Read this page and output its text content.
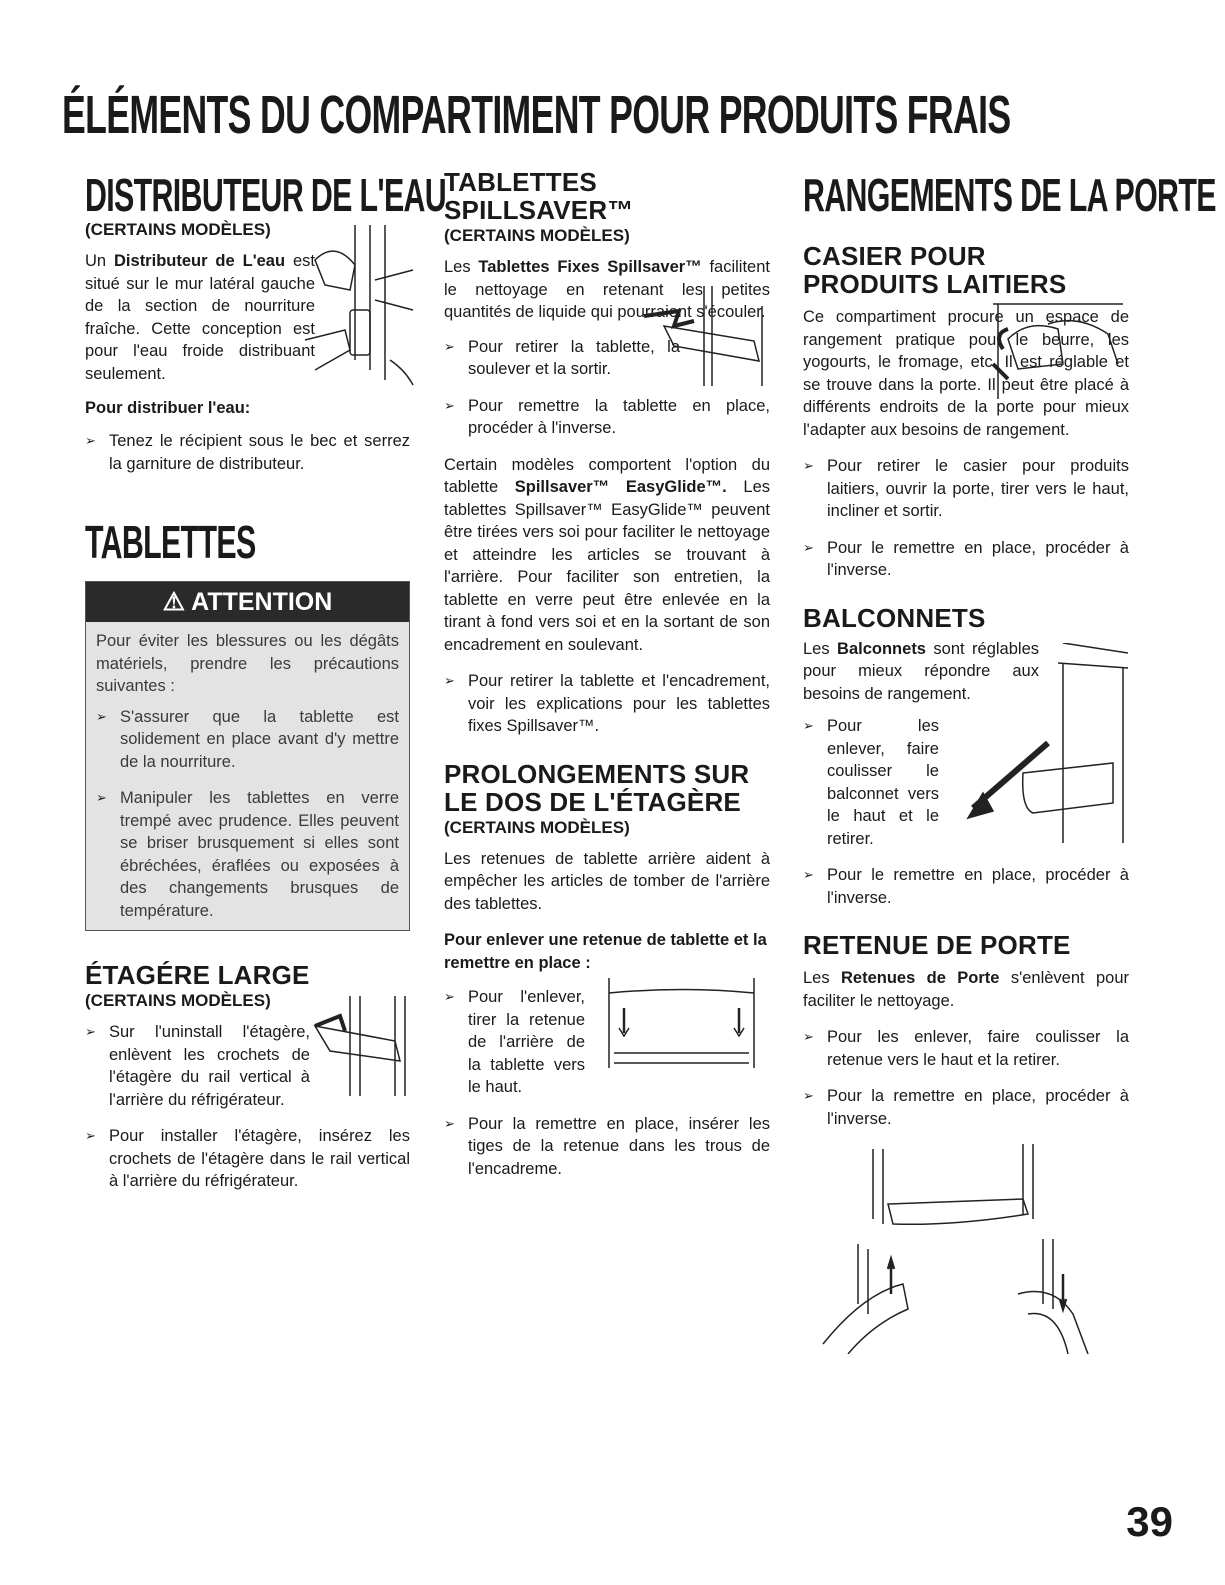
ÉLÉMENTS DU COMPARTIMENT POUR PRODUITS FRAIS
DISTRIBUTEUR DE L'EAU
(CERTAINS MODÈLES)

Un Distributeur de L'eau est situé sur le mur latéral gauche de la section de nourriture fraîche. Cette conception est pour l'eau froide distribuant seulement.

Pour distribuer l'eau:
➢ Tenez le récipient sous le bec et serrez la garniture de distributeur.
TABLETTES
⚠ ATTENTION

Pour éviter les blessures ou les dégâts matériels, prendre les précautions suivantes :

➢ S'assurer que la tablette est solidement en place avant d'y mettre de la nourriture.
➢ Manipuler les tablettes en verre trempé avec prudence. Elles peuvent se briser brusquement si elles sont ébréchées, éraflées ou exposées à des changements brusques de température.
ÉTAGÉRE LARGE
(CERTAINS MODÈLES)
➢ Sur l'uninstall l'étagère, enlèvent les crochets de l'étagère du rail vertical à l'arrière du réfrigérateur.
➢ Pour installer l'étagère, insérez les crochets de l'étagère dans le rail vertical à l'arrière du réfrigérateur.
TABLETTES SPILLSAVER™
(CERTAINS MODÈLES)

Les Tablettes Fixes Spillsaver™ facilitent le nettoyage en retenant les petites quantités de liquide qui pourraient s'écouler.

➢ Pour retirer la tablette, la soulever et la sortir.
➢ Pour remettre la tablette en place, procéder à l'inverse.

Certain modèles comportent l'option du tablette Spillsaver™ EasyGlide™. Les tablettes Spillsaver™ EasyGlide™ peuvent être tirées vers soi pour faciliter le nettoyage et atteindre les articles se trouvant à l'arrière. Pour faciliter son entretien, la tablette en verre peut être enlevée en la tirant à fond vers soi et en la sortant de son encadrement en soulevant.

➢ Pour retirer la tablette et l'encadrement, voir les explications pour les tablettes fixes Spillsaver™.
PROLONGEMENTS SUR LE DOS DE L'ÉTAGÈRE
(CERTAINS MODÈLES)

Les retenues de tablette arrière aident à empêcher les articles de tomber de l'arrière des tablettes.

Pour enlever une retenue de tablette et la remettre en place :
➢ Pour l'enlever, tirer la retenue de l'arrière de la tablette vers le haut.
➢ Pour la remettre en place, insérer les tiges de la retenue dans les trous de l'encadreme.
RANGEMENTS DE LA PORTE
CASIER POUR PRODUITS LAITIERS

Ce compartiment procure un espace de rangement pratique pour le beurre, les yogourts, le fromage, etc. Il est réglable et se trouve dans la porte. Il peut être placé à différents endroits de la porte pour mieux l'adapter aux besoins de rangement.

➢ Pour retirer le casier pour produits laitiers, ouvrir la porte, tirer vers le haut, incliner et sortir.
➢ Pour le remettre en place, procéder à l'inverse.
BALCONNETS

Les Balconnets sont réglables pour mieux répondre aux besoins de rangement.

➢ Pour les enlever, faire coulisser le balconnet vers le haut et le retirer.
➢ Pour le remettre en place, procéder à l'inverse.
RETENUE DE PORTE

Les Retenues de Porte s'enlèvent pour faciliter le nettoyage.

➢ Pour les enlever, faire coulisser la retenue vers le haut et la retirer.
➢ Pour la remettre en place, procéder à l'inverse.
39
